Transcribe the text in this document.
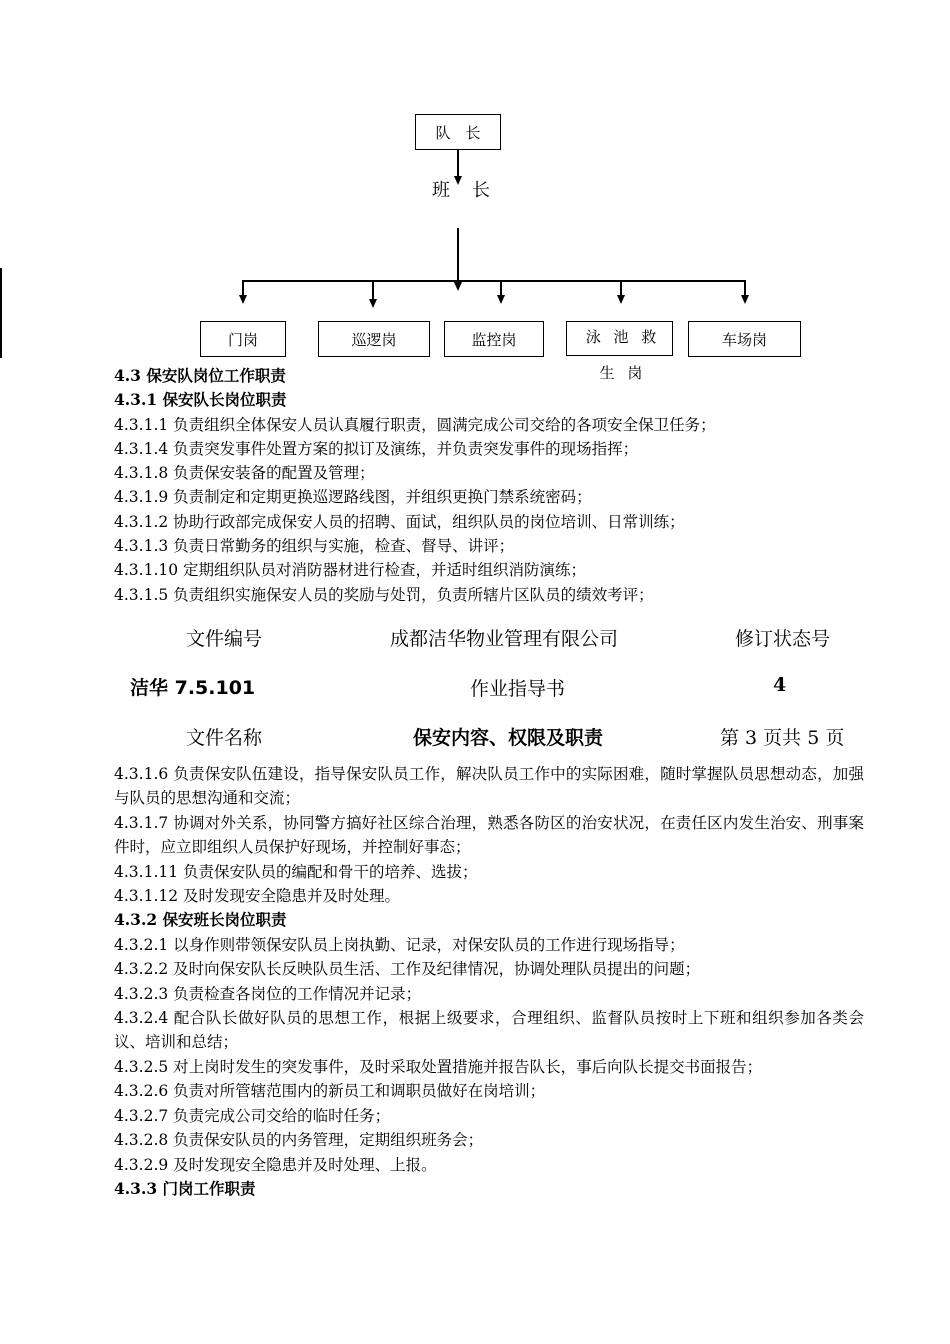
队　长
班　长
门岗	巡逻岗	监控岗	泳 池 救 生 岗
车场岗
4.3 保安队岗位工作职责
4.3.1 保安队长岗位职责
4.3.1.1 负责组织全体保安人员认真履行职责，圆满完成公司交给的各项安全保卫任务；
4.3.1.4 负责突发事件处置方案的拟订及演练，并负责突发事件的现场指挥；
4.3.1.8 负责保安装备的配置及管理；
4.3.1.9 负责制定和定期更换巡逻路线图，并组织更换门禁系统密码；
4.3.1.2 协助行政部完成保安人员的招聘、面试，组织队员的岗位培训、日常训练；
4.3.1.3 负责日常勤务的组织与实施，检查、督导、讲评；
4.3.1.10 定期组织队员对消防器材进行检查，并适时组织消防演练；
4.3.1.5 负责组织实施保安人员的奖励与处罚，负责所辖片区队员的绩效考评；
文件编号	成都洁华物业管理有限公司	修订状态号
洁华 7.5.101	作业指导书	4
文件名称	保安内容、权限及职责	第 3 页共 5 页
4.3.1.6 负责保安队伍建设，指导保安队员工作，解决队员工作中的实际困难，随时掌握队员思想动态，加强与队员的思想沟通和交流；
4.3.1.7 协调对外关系，协同警方搞好社区综合治理，熟悉各防区的治安状况，在责任区内发生治安、刑事案件时，应立即组织人员保护好现场，并控制好事态；
4.3.1.11 负责保安队员的编配和骨干的培养、选拔；
4.3.1.12 及时发现安全隐患并及时处理。
4.3.2 保安班长岗位职责
4.3.2.1 以身作则带领保安队员上岗执勤、记录，对保安队员的工作进行现场指导；
4.3.2.2 及时向保安队长反映队员生活、工作及纪律情况，协调处理队员提出的问题；
4.3.2.3 负责检查各岗位的工作情况并记录；
4.3.2.4 配合队长做好队员的思想工作，根据上级要求，合理组织、监督队员按时上下班和组织参加各类会议、培训和总结；
4.3.2.5 对上岗时发生的突发事件，及时采取处置措施并报告队长，事后向队长提交书面报告；
4.3.2.6 负责对所管辖范围内的新员工和调职员做好在岗培训；
4.3.2.7 负责完成公司交给的临时任务；
4.3.2.8 负责保安队员的内务管理，定期组织班务会；
4.3.2.9 及时发现安全隐患并及时处理、上报。
4.3.3 门岗工作职责
